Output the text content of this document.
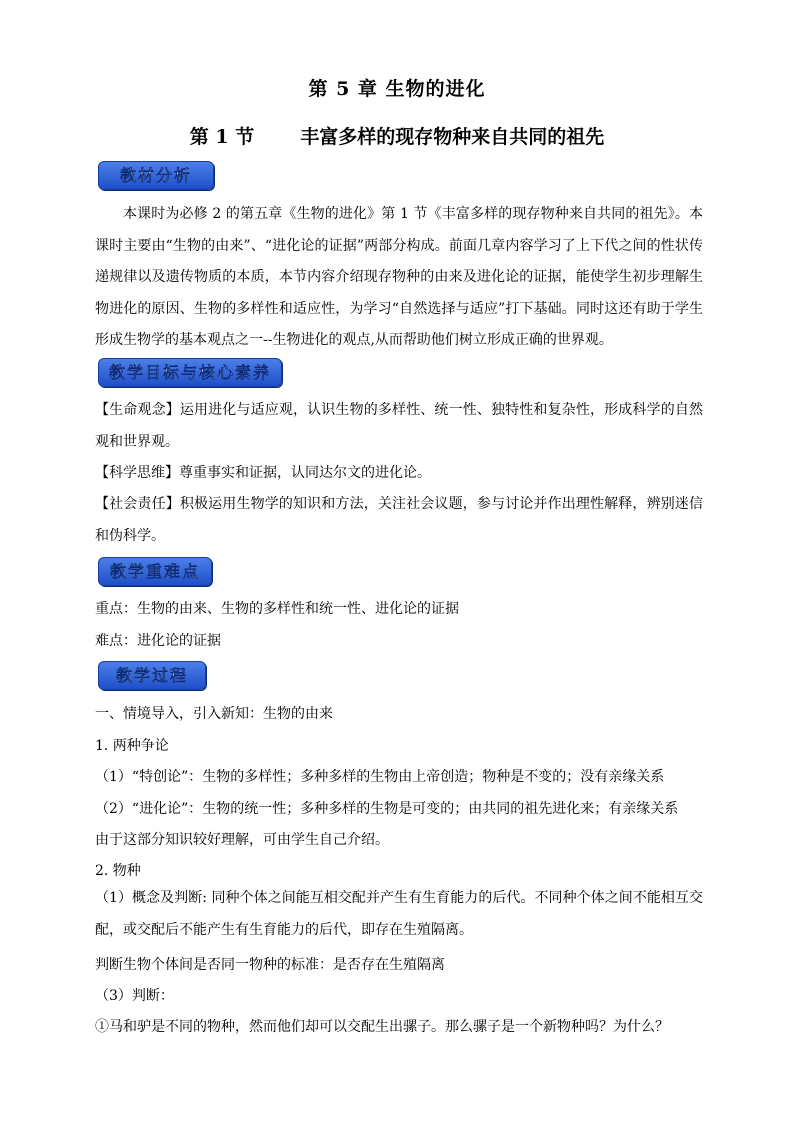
第 5 章 生物的进化
第 1 节 丰富多样的现存物种来自共同的祖先
教材分析
本课时为必修 2 的第五章《生物的进化》第 1 节《丰富多样的现存物种来自共同的祖先》。本课时主要由“生物的由来”、“进化论的证据”两部分构成。前面几章内容学习了上下代之间的性状传递规律以及遗传物质的本质，本节内容介绍现存物种的由来及进化论的证据，能使学生初步理解生物进化的原因、生物的多样性和适应性，为学习“自然选择与适应”打下基础。同时这还有助于学生形成生物学的基本观点之一--生物进化的观点,从而帮助他们树立形成正确的世界观。
教学目标与核心素养
【生命观念】运用进化与适应观，认识生物的多样性、统一性、独特性和复杂性，形成科学的自然观和世界观。
【科学思维】尊重事实和证据，认同达尔文的进化论。
【社会责任】积极运用生物学的知识和方法，关注社会议题，参与讨论并作出理性解释，辨别迷信和伪科学。
教学重难点
重点：生物的由来、生物的多样性和统一性、进化论的证据
难点：进化论的证据
教学过程
一、情境导入，引入新知：生物的由来
1. 两种争论
（1）“特创论”：生物的多样性；多种多样的生物由上帝创造；物种是不变的；没有亲缘关系
（2）“进化论”：生物的统一性；多种多样的生物是可变的；由共同的祖先进化来；有亲缘关系
由于这部分知识较好理解，可由学生自己介绍。
2. 物种
（1）概念及判断: 同种个体之间能互相交配并产生有生育能力的后代。不同种个体之间不能相互交配，或交配后不能产生有生育能力的后代，即存在生殖隔离。
判断生物个体间是否同一物种的标准：是否存在生殖隔离
（3）判断：
①马和驴是不同的物种，然而他们却可以交配生出骡子。那么骡子是一个新物种吗？为什么？
